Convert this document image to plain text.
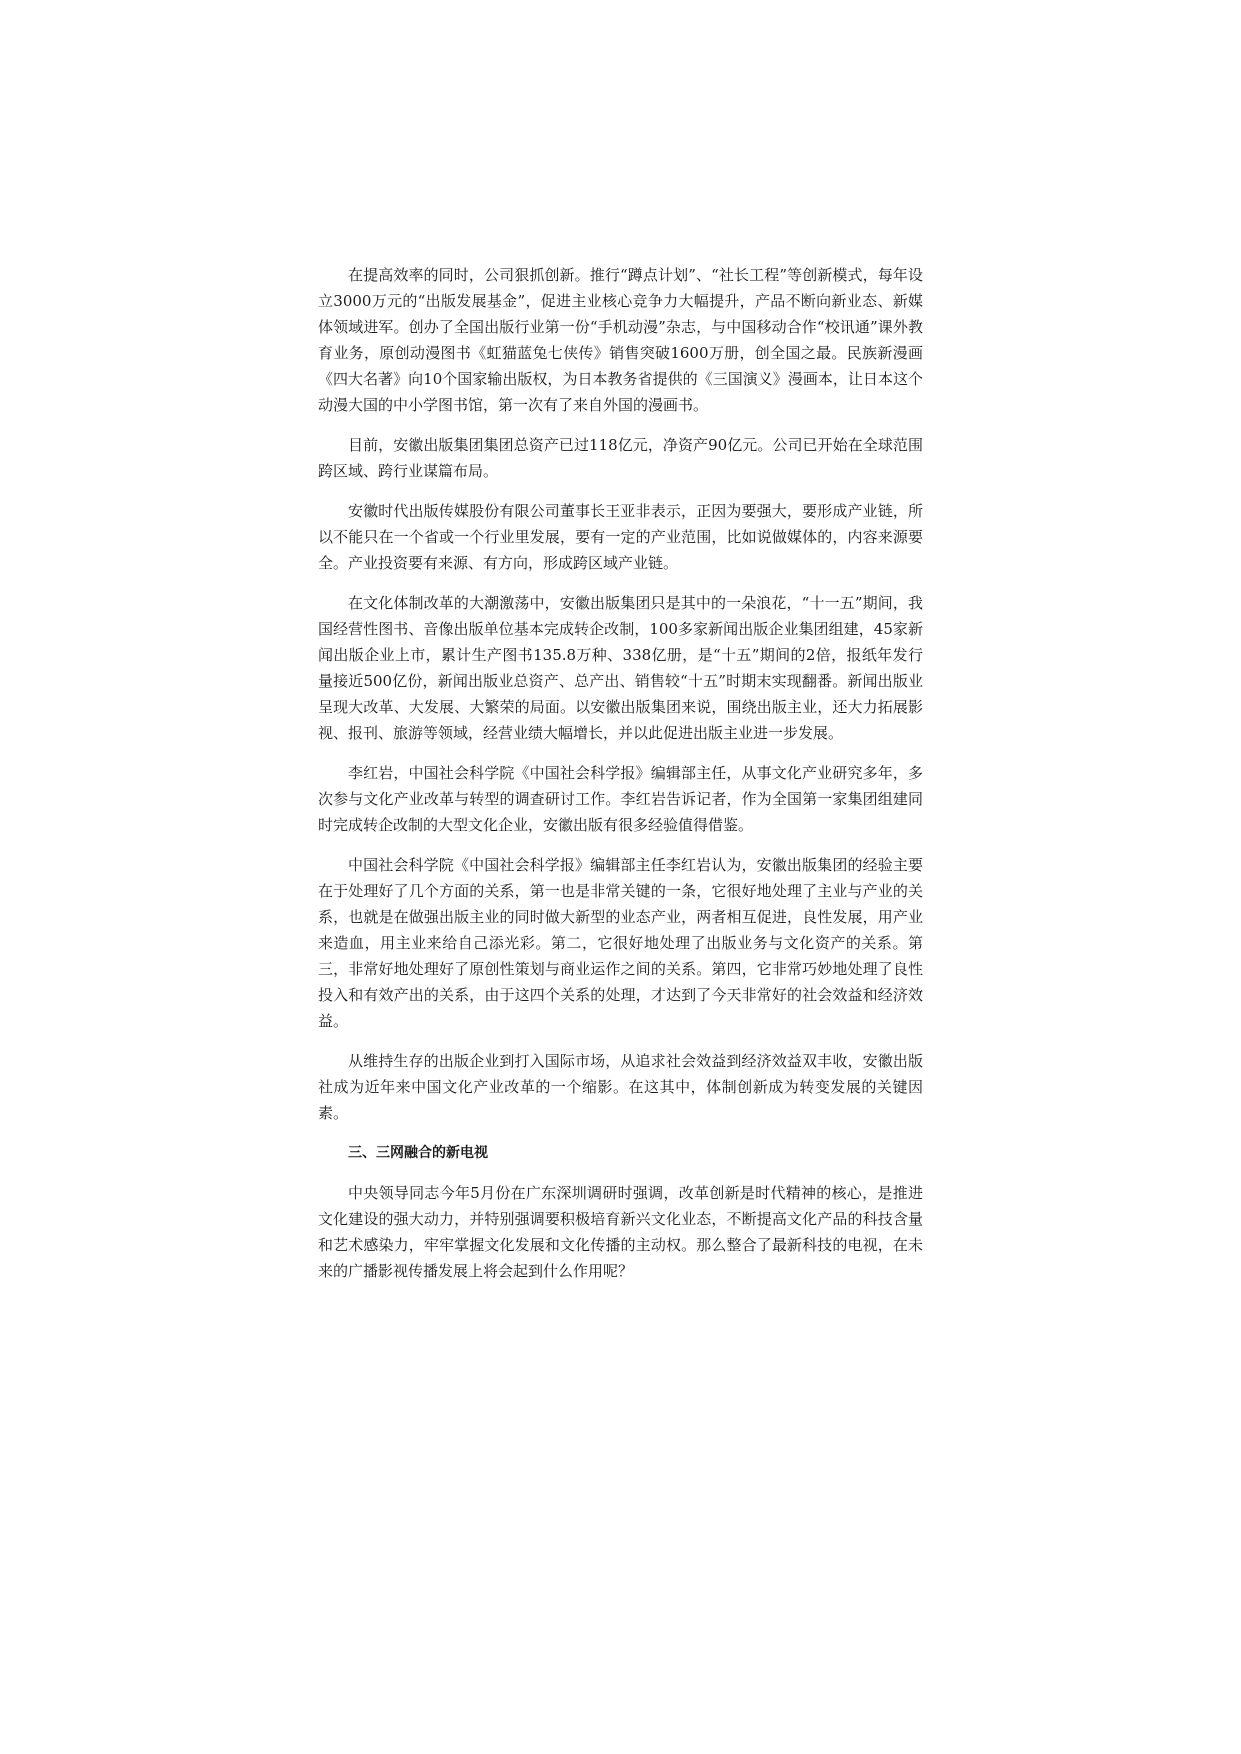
在提高效率的同时，公司狠抓创新。推行“蹲点计划”、“社长工程”等创新模式，每年设立3000万元的“出版发展基金”，促进主业核心竞争力大幅提升，产品不断向新业态、新媒体领域进军。创办了全国出版行业第一份“手机动漫”杂志，与中国移动合作“校讯通”课外教育业务，原创动漫图书《虹猫蓝兔七侠传》销售突破1600万册，创全国之最。民族新漫画《四大名著》向10个国家输出版权，为日本教务省提供的《三国演义》漫画本，让日本这个动漫大国的中小学图书馆，第一次有了来自外国的漫画书。

目前，安徽出版集团集团总资产已过118亿元，净资产90亿元。公司已开始在全球范围跨区域、跨行业谋篇布局。

安徽时代出版传媒股份有限公司董事长王亚非表示，正因为要强大，要形成产业链，所以不能只在一个省或一个行业里发展，要有一定的产业范围，比如说做媒体的，内容来源要全。产业投资要有来源、有方向，形成跨区域产业链。

在文化体制改革的大潮激荡中，安徽出版集团只是其中的一朵浪花，“十一五”期间，我国经营性图书、音像出版单位基本完成转企改制，100多家新闻出版企业集团组建，45家新闻出版企业上市，累计生产图书135.8万种、338亿册，是“十五”期间的2倍，报纸年发行量接近500亿份，新闻出版业总资产、总产出、销售较“十五”时期末实现翻番。新闻出版业呈现大改革、大发展、大繁荣的局面。以安徽出版集团来说，围绕出版主业，还大力拓展影视、报刊、旅游等领域，经营业绩大幅增长，并以此促进出版主业进一步发展。

李红岩，中国社会科学院《中国社会科学报》编辑部主任，从事文化产业研究多年，多次参与文化产业改革与转型的调查研讨工作。李红岩告诉记者，作为全国第一家集团组建同时完成转企改制的大型文化企业，安徽出版有很多经验值得借鉴。

中国社会科学院《中国社会科学报》编辑部主任李红岩认为，安徽出版集团的经验主要在于处理好了几个方面的关系，第一也是非常关键的一条，它很好地处理了主业与产业的关系，也就是在做强出版主业的同时做大新型的业态产业，两者相互促进，良性发展，用产业来造血，用主业来给自己添光彩。第二，它很好地处理了出版业务与文化资产的关系。第三，非常好地处理好了原创性策划与商业运作之间的关系。第四，它非常巧妙地处理了良性投入和有效产出的关系，由于这四个关系的处理，才达到了今天非常好的社会效益和经济效益。

从维持生存的出版企业到打入国际市场，从追求社会效益到经济效益双丰收，安徽出版社成为近年来中国文化产业改革的一个缩影。在这其中，体制创新成为转变发展的关键因素。

三、三网融合的新电视

中央领导同志今年5月份在广东深圳调研时强调，改革创新是时代精神的核心，是推进文化建设的强大动力，并特别强调要积极培育新兴文化业态，不断提高文化产品的科技含量和艺术感染力，牢牢掌握文化发展和文化传播的主动权。那么整合了最新科技的电视，在未来的广播影视传播发展上将会起到什么作用呢？
